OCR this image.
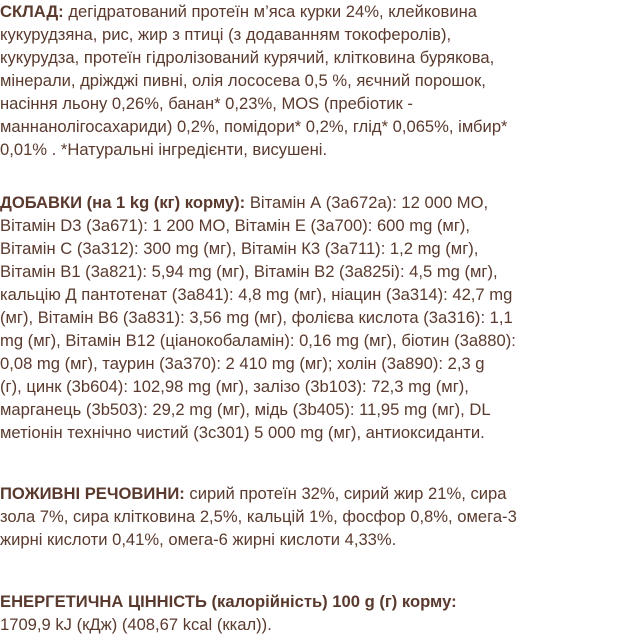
СКЛАД: дегідратований протеїн м’яса курки 24%, клейковина
кукурудзяна, рис, жир з птиці (з додаванням токоферолів),
кукурудза, протеїн гідролізований курячий, клітковина бурякова,
мінерали, дріжджі пивні, олія лососева 0,5 %, яєчний порошок,
насіння льону 0,26%, банан* 0,23%, MOS (пребіотик -
маннанолігосахариди) 0,2%, помідори* 0,2%, глід* 0,065%, імбир*
0,01% . *Натуральні інгредієнти, висушені.
ДОБАВКИ (на 1 kg (кг) корму): Вітамін А (3a672a): 12 000 МО,
Вітамін D3 (3a671): 1 200 МО, Вітамін Е (3a700): 600 mg (мг),
Вітамін С (3a312): 300 mg (мг), Вітамін К3 (3a711): 1,2 mg (мг),
Вітамін В1 (3a821): 5,94 mg (мг), Вітамін В2 (3a825i): 4,5 mg (мг),
кальцію Д пантотенат (3a841): 4,8 mg (мг), ніацин (3a314): 42,7 mg
(мг), Вітамін В6 (3a831): 3,56 mg (мг), фолієва кислота (3a316): 1,1
mg (мг), Вітамін В12 (ціанокобаламін): 0,16 mg (мг), біотин (3a880):
0,08 mg (мг), таурин (3a370): 2 410 mg (мг); холін (3a890): 2,3 g
(г), цинк (3b604): 102,98 mg (мг), залізо (3b103): 72,3 mg (мг),
марганець (3b503): 29,2 mg (мг), мідь (3b405): 11,95 mg (мг), DL
метіонін технічно чистий (3c301) 5 000 mg (мг), антиоксиданти.
ПОЖИВНІ РЕЧОВИНИ: сирий протеїн 32%, сирий жир 21%, сира
зола 7%, сира клітковина 2,5%, кальцій 1%, фосфор 0,8%, омега-3
жирні кислоти 0,41%, омега-6 жирні кислоти 4,33%.
ЕНЕРГЕТИЧНА ЦІННІСТЬ (калорійність) 100 g (г) корму:
1709,9 kJ (кДж) (408,67 kcal (ккал)).
